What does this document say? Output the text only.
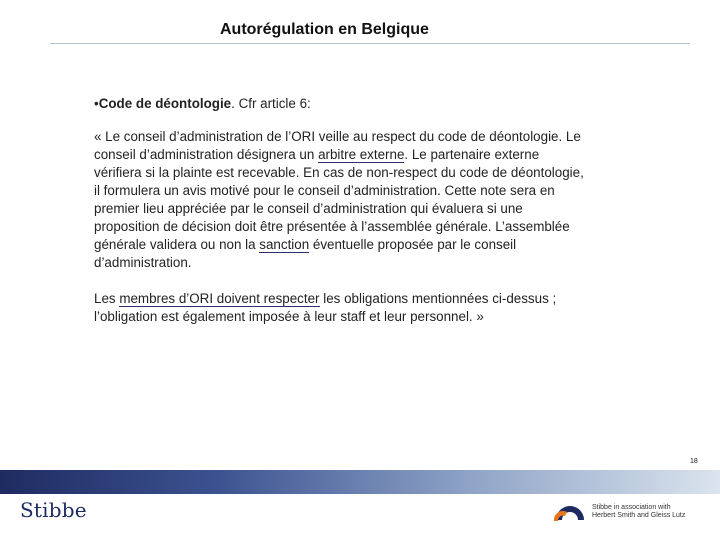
Autorégulation en Belgique

•Code de déontologie. Cfr article 6:

« Le conseil d’administration de l’ORI veille au respect du code de déontologie. Le
conseil d’administration désignera un arbitre externe. Le partenaire externe
vérifiera si la plainte est recevable. En cas de non-respect du code de déontologie,
il formulera un avis motivé pour le conseil d’administration. Cette note sera en
premier lieu appréciée par le conseil d’administration qui évaluera si une
proposition de décision doit être présentée à l’assemblée générale. L’assemblée
générale validera ou non la sanction éventuelle proposée par le conseil
d’administration.
Les membres d’ORI doivent respecter les obligations mentionnées ci-dessus ;
l’obligation est également imposée à leur staff et leur personnel. »
18
Stibbe	Stibbe in association with
Herbert Smith and Gleiss Lutz
